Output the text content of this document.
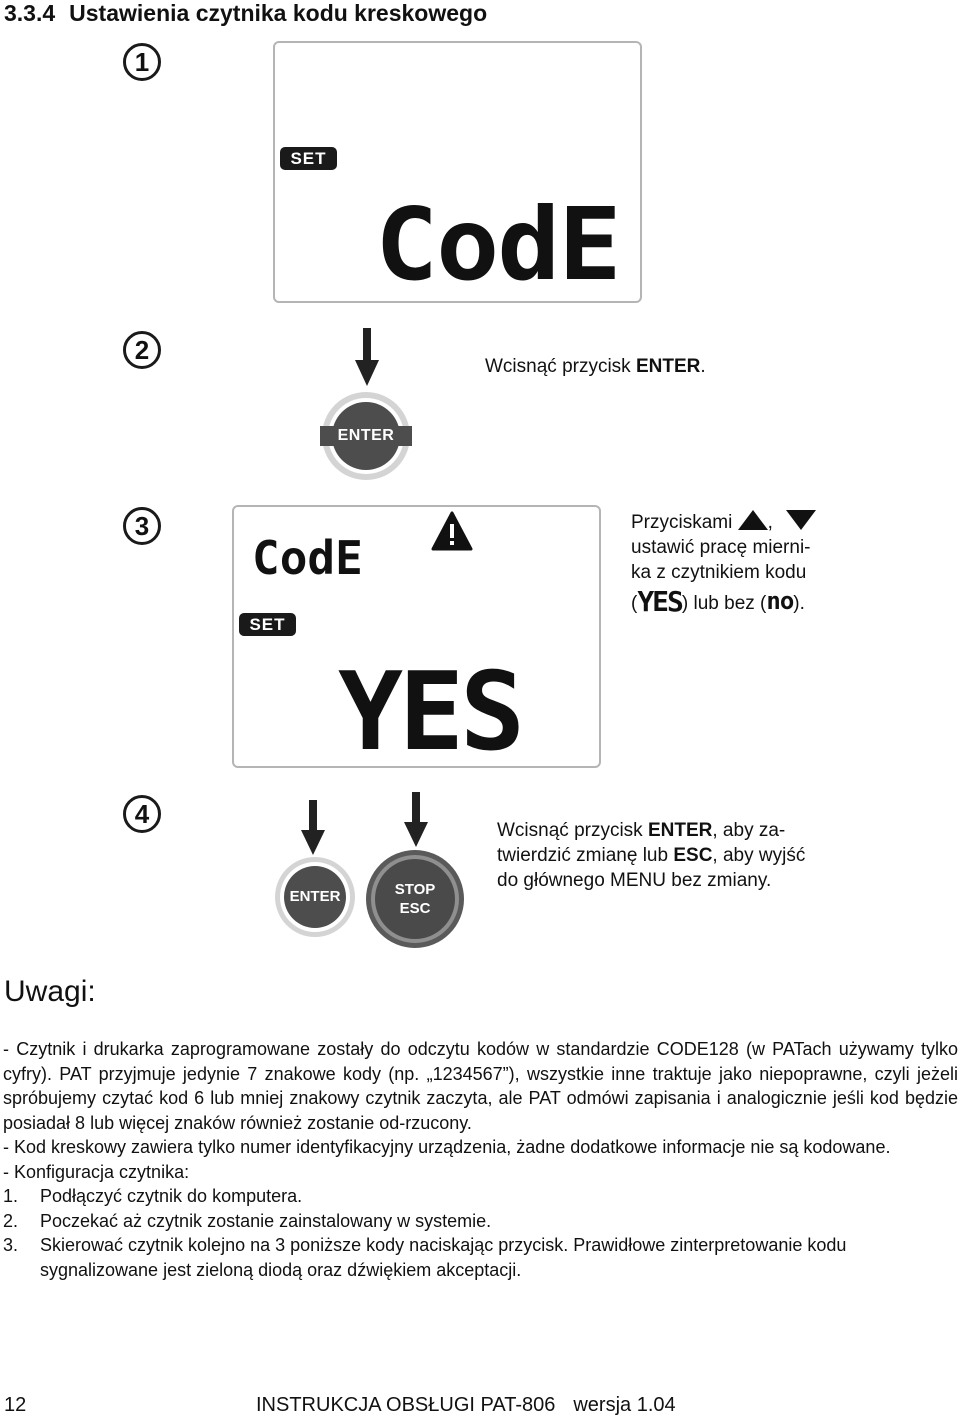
3.3.4 Ustawienia czytnika kodu kreskowego
1
2
3
4
SET
CodE
ENTER
Wcisnąć przycisk ENTER.
CodE
SET
YES
Przyciskami ,
ustawić pracę mierni-
ka z czytnikiem kodu
(YES) lub bez (no).
ENTER	STOP
ESC
Wcisnąć przycisk ENTER, aby za-
twierdzić zmianę lub ESC, aby wyjść
do głównego MENU bez zmiany.
Uwagi:

- Czytnik i drukarka zaprogramowane zostały do odczytu kodów w standardzie CODE128 (w PATach używamy tylko cyfry). PAT przyjmuje jedynie 7 znakowe kody (np. „1234567”), wszystkie inne traktuje jako niepoprawne, czyli jeżeli spróbujemy czytać kod 6 lub mniej znakowy czytnik zaczyta, ale PAT odmówi zapisania i analogicznie jeśli kod będzie posiadał 8 lub więcej znaków również zostanie od-rzucony.

- Kod kreskowy zawiera tylko numer identyfikacyjny urządzenia, żadne dodatkowe informacje nie są kodowane.

- Konfiguracja czytnika:

1. Podłączyć czytnik do komputera.
2. Poczekać aż czytnik zostanie zainstalowany w systemie.
3. Skierować czytnik kolejno na 3 poniższe kody naciskając przycisk. Prawidłowe zinterpretowanie kodu sygnalizowane jest zieloną diodą oraz dźwiękiem akceptacji.
12	INSTRUKCJA OBSŁUGI PAT-806 wersja 1.04
